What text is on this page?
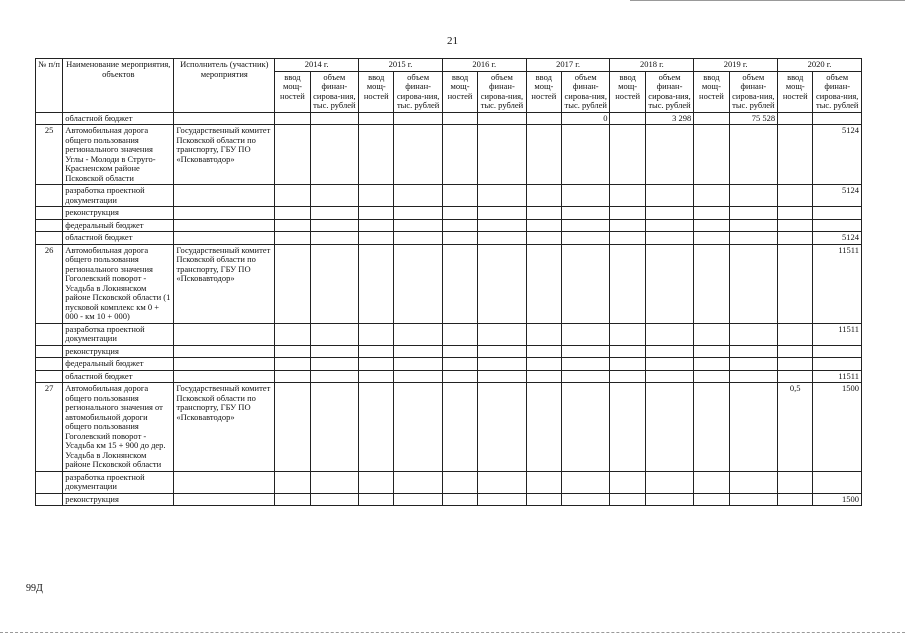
21
№ п/п	Наименование мероприятия, объектов	Исполнитель (участник) мероприятия	2014 г.		2015 г.		2016 г.		2017 г.		2018 г.		2019 г.		2020 г.	
			ввод мощ-ностей	объем финан-сирова-ния, тыс. рублей	ввод мощ-ностей	объем финан-сирова-ния, тыс. рублей	ввод мощ-ностей	объем финан-сирова-ния, тыс. рублей	ввод мощ-ностей	объем финан-сирова-ния, тыс. рублей	ввод мощ-ностей	объем финан-сирова-ния, тыс. рублей	ввод мощ-ностей	объем финан-сирова-ния, тыс. рублей	ввод мощ-ностей	объем финан-сирова-ния, тыс. рублей
	областной бюджет									0		3 298		75 528		
25	Автомобильная дорога общего пользования регионального значения Углы - Молоди в Струго-Красненском районе Псковской области	Государственный комитет Псковской области по транспорту, ГБУ ПО «Псковавтодор»														5124
	разработка проектной документации															5124
	реконструкция															
	федеральный бюджет															
	областной бюджет															5124
26	Автомобильная дорога общего пользования регионального значения Гоголевский поворот - Усадьба в Локнянском районе Псковской области (1 пусковой комплекс км 0 + 000 - км 10 + 000)	Государственный комитет Псковской области по транспорту, ГБУ ПО «Псковавтодор»														11511
	разработка проектной документации															11511
	реконструкция															
	федеральный бюджет															
	областной бюджет															11511
27	Автомобильная дорога общего пользования регионального значения от автомобильной дороги общего пользования Гоголевский поворот - Усадьба км 15 + 900 до дер. Усадьба в Локнянском районе Псковской области	Государственный комитет Псковской области по транспорту, ГБУ ПО «Псковавтодор»													0,5	1500
	разработка проектной документации															
	реконструкция															1500
99Д
